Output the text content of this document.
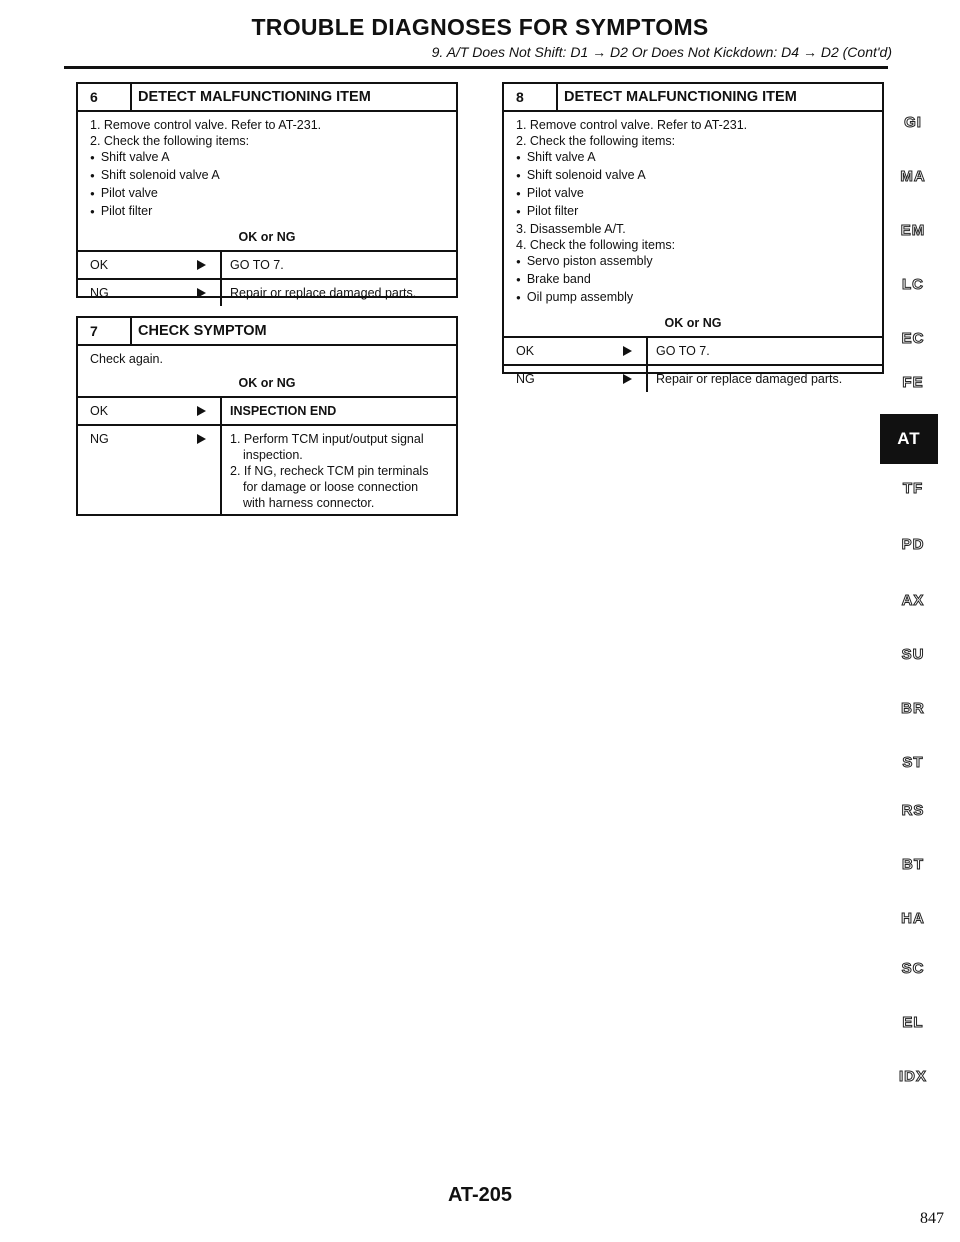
TROUBLE DIAGNOSES FOR SYMPTOMS
9. A/T Does Not Shift: D1 → D2 Or Does Not Kickdown: D4 → D2 (Cont'd)
6	DETECT MALFUNCTIONING ITEM
1. Remove control valve. Refer to AT-231.
2. Check the following items:
● Shift valve A
● Shift solenoid valve A
● Pilot valve
● Pilot filter
OK or NG
OK	GO TO 7.
NG	Repair or replace damaged parts.
7	CHECK SYMPTOM
Check again.
OK or NG
OK	INSPECTION END
NG	1. Perform TCM input/output signal
inspection.
2. If NG, recheck TCM pin terminals
for damage or loose connection
with harness connector.
8	DETECT MALFUNCTIONING ITEM
1. Remove control valve. Refer to AT-231.
2. Check the following items:
● Shift valve A
● Shift solenoid valve A
● Pilot valve
● Pilot filter
3. Disassemble A/T.
4. Check the following items:
● Servo piston assembly
● Brake band
● Oil pump assembly
OK or NG
OK	GO TO 7.
NG	Repair or replace damaged parts.
GI
MA
EM
LC
EC
FE
AT
TF
PD
AX
SU
BR
ST
RS
BT
HA
SC
EL
IDX
AT-205
847
